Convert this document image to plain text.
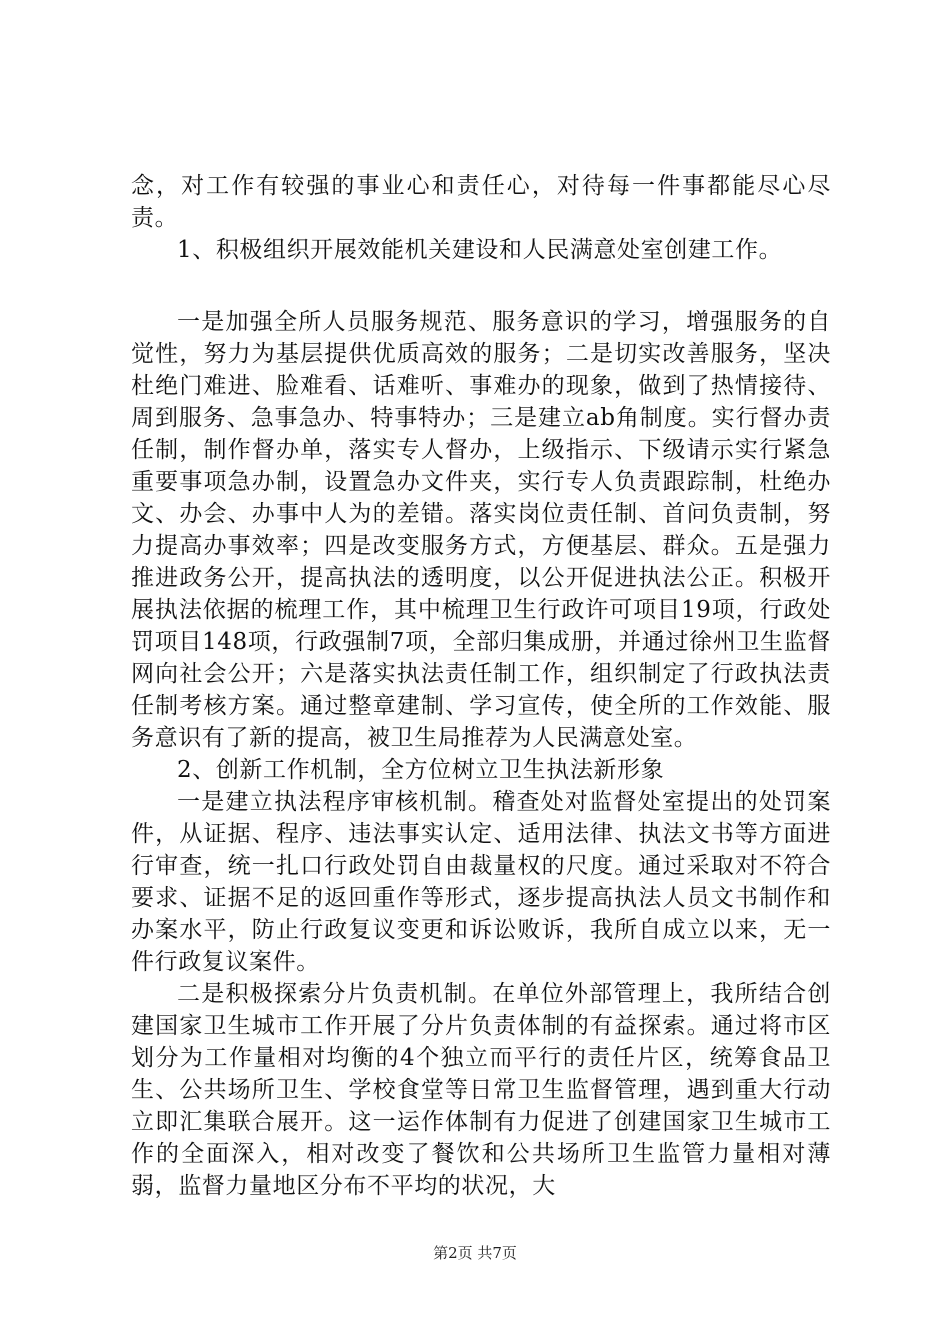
念，对工作有较强的事业心和责任心，对待每一件事都能尽心尽责。

1、积极组织开展效能机关建设和人民满意处室创建工作。

一是加强全所人员服务规范、服务意识的学习，增强服务的自觉性，努力为基层提供优质高效的服务；二是切实改善服务，坚决杜绝门难进、脸难看、话难听、事难办的现象，做到了热情接待、周到服务、急事急办、特事特办；三是建立ab角制度。实行督办责任制，制作督办单，落实专人督办，上级指示、下级请示实行紧急重要事项急办制，设置急办文件夹，实行专人负责跟踪制，杜绝办文、办会、办事中人为的差错。落实岗位责任制、首问负责制，努力提高办事效率；四是改变服务方式，方便基层、群众。五是强力推进政务公开，提高执法的透明度，以公开促进执法公正。积极开展执法依据的梳理工作，其中梳理卫生行政许可项目19项，行政处罚项目148项，行政强制7项，全部归集成册，并通过徐州卫生监督网向社会公开；六是落实执法责任制工作，组织制定了行政执法责任制考核方案。通过整章建制、学习宣传，使全所的工作效能、服务意识有了新的提高，被卫生局推荐为人民满意处室。

2、创新工作机制，全方位树立卫生执法新形象

一是建立执法程序审核机制。稽查处对监督处室提出的处罚案件，从证据、程序、违法事实认定、适用法律、执法文书等方面进行审查，统一扎口行政处罚自由裁量权的尺度。通过采取对不符合要求、证据不足的返回重作等形式，逐步提高执法人员文书制作和办案水平，防止行政复议变更和诉讼败诉，我所自成立以来，无一件行政复议案件。

二是积极探索分片负责机制。在单位外部管理上，我所结合创建国家卫生城市工作开展了分片负责体制的有益探索。通过将市区划分为工作量相对均衡的4个独立而平行的责任片区，统筹食品卫生、公共场所卫生、学校食堂等日常卫生监督管理，遇到重大行动立即汇集联合展开。这一运作体制有力促进了创建国家卫生城市工作的全面深入，相对改变了餐饮和公共场所卫生监管力量相对薄弱，监督力量地区分布不平均的状况，大

第2页 共7页
